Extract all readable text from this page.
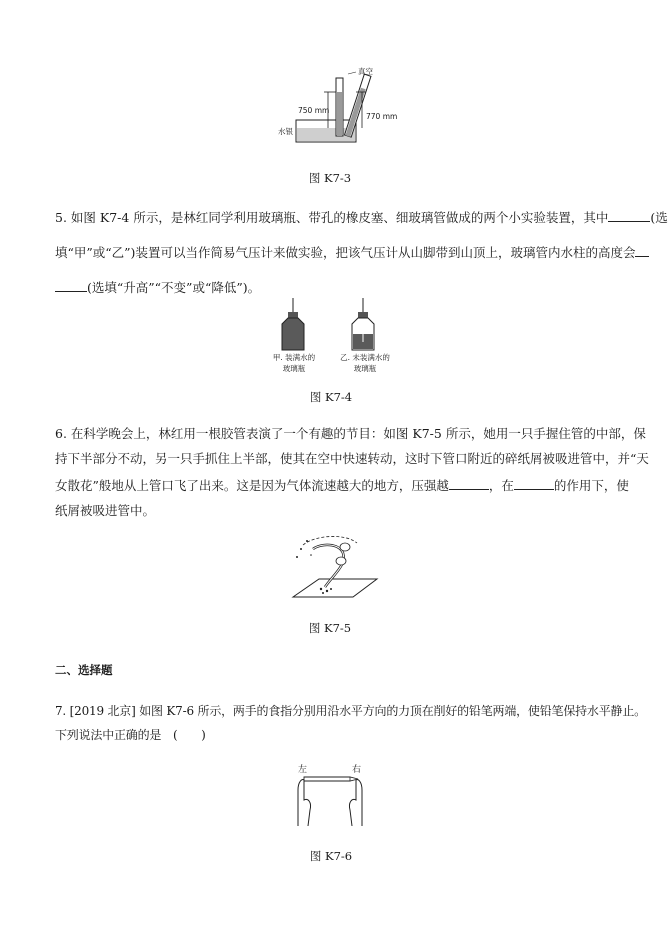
真空
750 mm
770 mm
水银
图 K7-3
5. 如图 K7-4 所示，是林红同学利用玻璃瓶、带孔的橡皮塞、细玻璃管做成的两个小实验装置，其中	(选
填“甲”或“乙”)装置可以当作简易气压计来做实验，把该气压计从山脚带到山顶上，玻璃管内水柱的高度会
(选填“升高”“不变”或“降低”)。
甲. 装满水的
玻璃瓶
乙. 未装满水的
玻璃瓶
图 K7-4
6. 在科学晚会上，林红用一根胶管表演了一个有趣的节目：如图 K7-5 所示，她用一只手握住管的中部，保
持下半部分不动，另一只手抓住上半部，使其在空中快速转动，这时下管口附近的碎纸屑被吸进管中，并“天
女散花”般地从上管口飞了出来。这是因为气体流速越大的地方，压强越	，在	的作用下，使
纸屑被吸进管中。
图 K7-5
二、选择题
7. [2019 北京] 如图 K7-6 所示，两手的食指分别用沿水平方向的力顶在削好的铅笔两端，使铅笔保持水平静止。
下列说法中正确的是　(　　)
左	右
图 K7-6
